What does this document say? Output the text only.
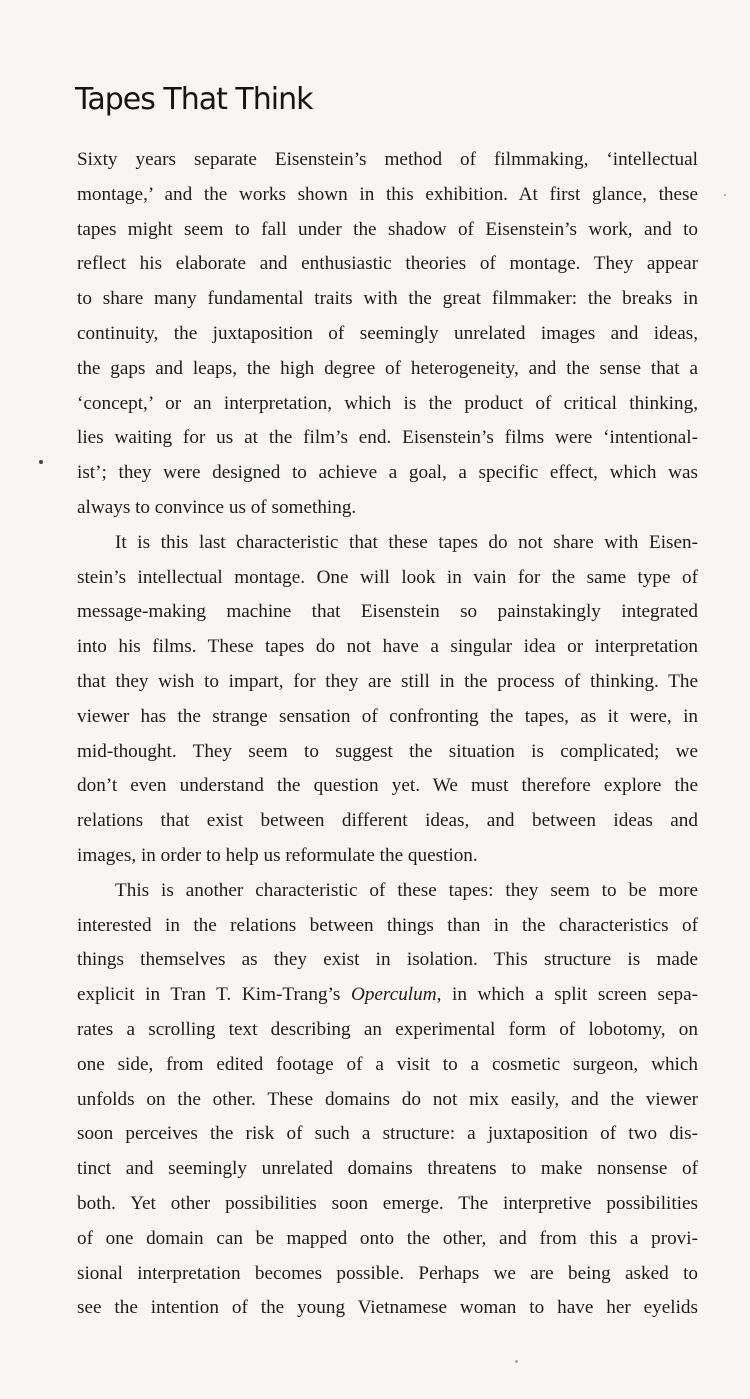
Tapes That Think
Sixty years separate Eisenstein’s method of filmmaking, ‘intellectual
montage,’ and the works shown in this exhibition. At first glance, these
tapes might seem to fall under the shadow of Eisenstein’s work, and to
reflect his elaborate and enthusiastic theories of montage. They appear
to share many fundamental traits with the great filmmaker: the breaks in
continuity, the juxtaposition of seemingly unrelated images and ideas,
the gaps and leaps, the high degree of heterogeneity, and the sense that a
‘concept,’ or an interpretation, which is the product of critical thinking,
lies waiting for us at the film’s end. Eisenstein’s films were ‘intentional-
ist’; they were designed to achieve a goal, a specific effect, which was
always to convince us of something.
It is this last characteristic that these tapes do not share with Eisen-
stein’s intellectual montage. One will look in vain for the same type of
message-making machine that Eisenstein so painstakingly integrated
into his films. These tapes do not have a singular idea or interpretation
that they wish to impart, for they are still in the process of thinking. The
viewer has the strange sensation of confronting the tapes, as it were, in
mid-thought. They seem to suggest the situation is complicated; we
don’t even understand the question yet. We must therefore explore the
relations that exist between different ideas, and between ideas and
images, in order to help us reformulate the question.
This is another characteristic of these tapes: they seem to be more
interested in the relations between things than in the characteristics of
things themselves as they exist in isolation. This structure is made
explicit in Tran T. Kim-Trang’s Operculum, in which a split screen sepa-
rates a scrolling text describing an experimental form of lobotomy, on
one side, from edited footage of a visit to a cosmetic surgeon, which
unfolds on the other. These domains do not mix easily, and the viewer
soon perceives the risk of such a structure: a juxtaposition of two dis-
tinct and seemingly unrelated domains threatens to make nonsense of
both. Yet other possibilities soon emerge. The interpretive possibilities
of one domain can be mapped onto the other, and from this a provi-
sional interpretation becomes possible. Perhaps we are being asked to
see the intention of the young Vietnamese woman to have her eyelids
